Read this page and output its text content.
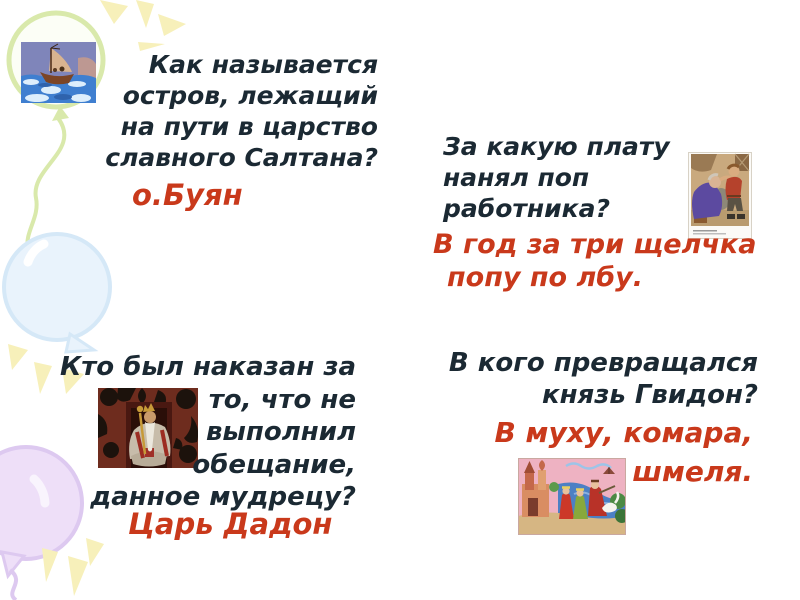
Как называется
остров, лежащий
на пути в царство
славного Салтана?
о.Буян
За какую плату
нанял поп
работника?
В год за три щелчка
попу по лбу.
Кто был наказан за
то, что не
выполнил
обещание,
данное мудрецу?
Царь Дадон
В кого превращался
князь Гвидон?
В муху, комара,
шмеля.
